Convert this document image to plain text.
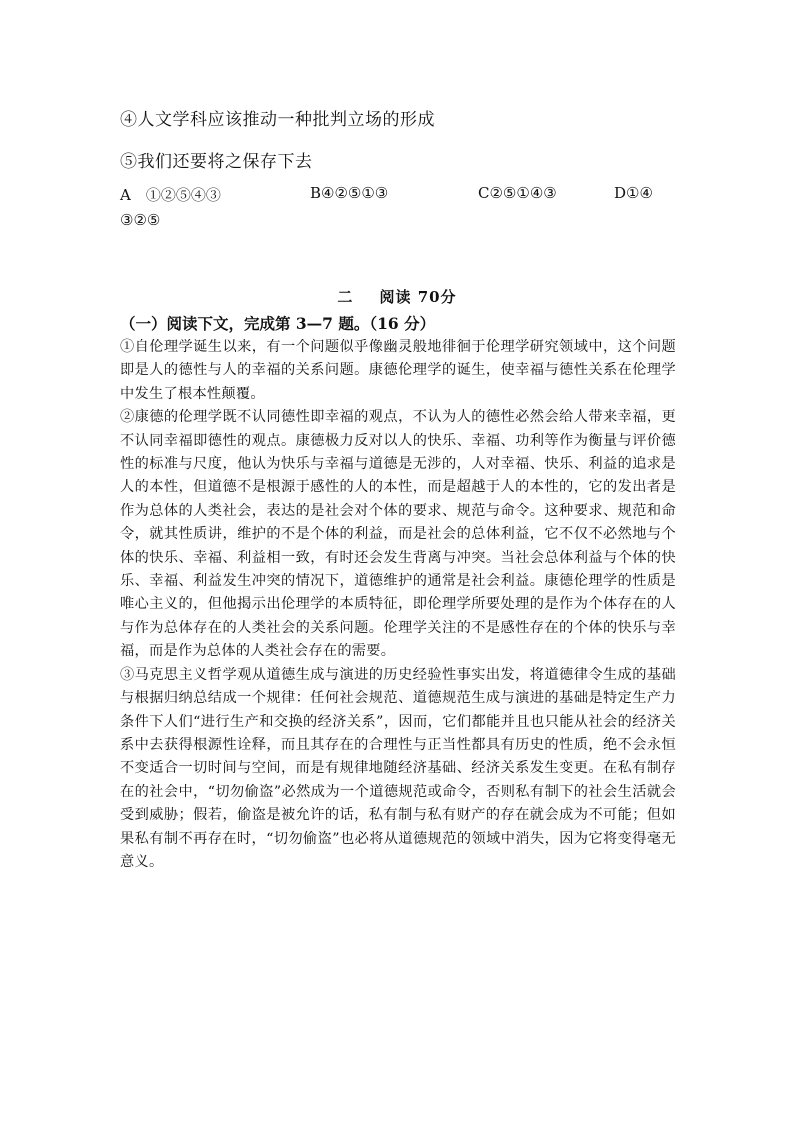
④人文学科应该推动一种批判立场的形成
⑤我们还要将之保存下去
A　①②⑤④③	B④②⑤①③	C②⑤①④③	D①④
③②⑤
二 阅读 70分
（一）阅读下文，完成第 3—7 题。（16 分）

①自伦理学诞生以来，有一个问题似乎像幽灵般地徘徊于伦理学研究领域中，这个问题即是人的德性与人的幸福的关系问题。康德伦理学的诞生，使幸福与德性关系在伦理学中发生了根本性颠覆。

②康德的伦理学既不认同德性即幸福的观点，不认为人的德性必然会给人带来幸福，更不认同幸福即德性的观点。康德极力反对以人的快乐、幸福、功利等作为衡量与评价德性的标准与尺度，他认为快乐与幸福与道德是无涉的，人对幸福、快乐、利益的追求是人的本性，但道德不是根源于感性的人的本性，而是超越于人的本性的，它的发出者是作为总体的人类社会，表达的是社会对个体的要求、规范与命令。这种要求、规范和命令，就其性质讲，维护的不是个体的利益，而是社会的总体利益，它不仅不必然地与个体的快乐、幸福、利益相一致，有时还会发生背离与冲突。当社会总体利益与个体的快乐、幸福、利益发生冲突的情况下，道德维护的通常是社会利益。康德伦理学的性质是唯心主义的，但他揭示出伦理学的本质特征，即伦理学所要处理的是作为个体存在的人与作为总体存在的人类社会的关系问题。伦理学关注的不是感性存在的个体的快乐与幸福，而是作为总体的人类社会存在的需要。

③马克思主义哲学观从道德生成与演进的历史经验性事实出发，将道德律令生成的基础与根据归纳总结成一个规律：任何社会规范、道德规范生成与演进的基础是特定生产力条件下人们“进行生产和交换的经济关系”，因而，它们都能并且也只能从社会的经济关系中去获得根源性诠释，而且其存在的合理性与正当性都具有历史的性质，绝不会永恒不变适合一切时间与空间，而是有规律地随经济基础、经济关系发生变更。在私有制存在的社会中，“切勿偷盗”必然成为一个道德规范或命令，否则私有制下的社会生活就会受到威胁；假若，偷盗是被允许的话，私有制与私有财产的存在就会成为不可能；但如果私有制不再存在时，“切勿偷盗”也必将从道德规范的领域中消失，因为它将变得毫无意义。
